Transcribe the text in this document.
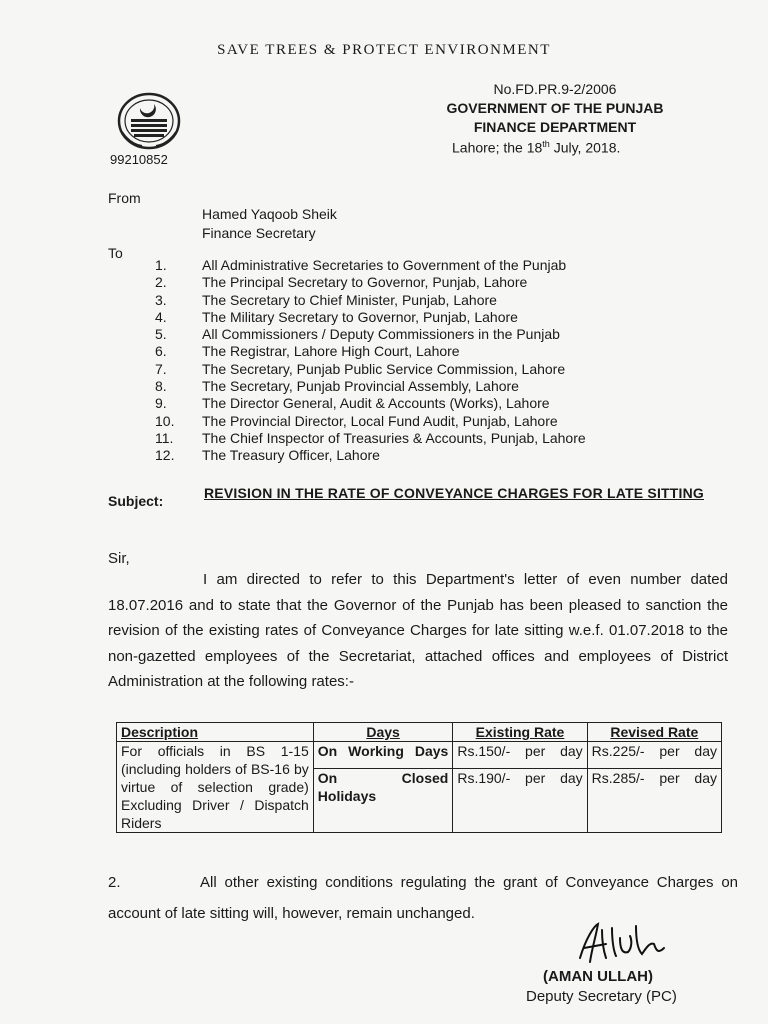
SAVE TREES & PROTECT ENVIRONMENT
99210852
No.FD.PR.9-2/2006
GOVERNMENT OF THE PUNJAB
FINANCE DEPARTMENT
Lahore; the 18th July, 2018.
From
Hamed Yaqoob Sheik
Finance Secretary
To
1.	All Administrative Secretaries to Government of the Punjab
2.	The Principal Secretary to Governor, Punjab, Lahore
3.	The Secretary to Chief Minister, Punjab, Lahore
4.	The Military Secretary to Governor, Punjab, Lahore
5.	All Commissioners / Deputy Commissioners in the Punjab
6.	The Registrar, Lahore High Court, Lahore
7.	The Secretary, Punjab Public Service Commission, Lahore
8.	The Secretary, Punjab Provincial Assembly, Lahore
9.	The Director General, Audit & Accounts (Works), Lahore
10.	The Provincial Director, Local Fund Audit, Punjab, Lahore
11.	The Chief Inspector of Treasuries & Accounts, Punjab, Lahore
12.	The Treasury Officer, Lahore
Subject:	REVISION IN THE RATE OF CONVEYANCE CHARGES FOR LATE SITTING
Sir,
I am directed to refer to this Department's letter of even number dated 18.07.2016 and to state that the Governor of the Punjab has been pleased to sanction the revision of the existing rates of Conveyance Charges for late sitting w.e.f. 01.07.2018 to the non-gazetted employees of the Secretariat, attached offices and employees of District Administration at the following rates:-
Description	Days	Existing Rate	Revised Rate
For officials in BS 1-15 (including holders of BS-16 by virtue of selection grade) Excluding Driver / Dispatch Riders	On Working Days	Rs.150/- per day	Rs.225/- per day
	On Closed Holidays	Rs.190/- per day	Rs.285/- per day
2.	All other existing conditions regulating the grant of Conveyance Charges on account of late sitting will, however, remain unchanged.
(AMAN ULLAH)
Deputy Secretary (PC)
